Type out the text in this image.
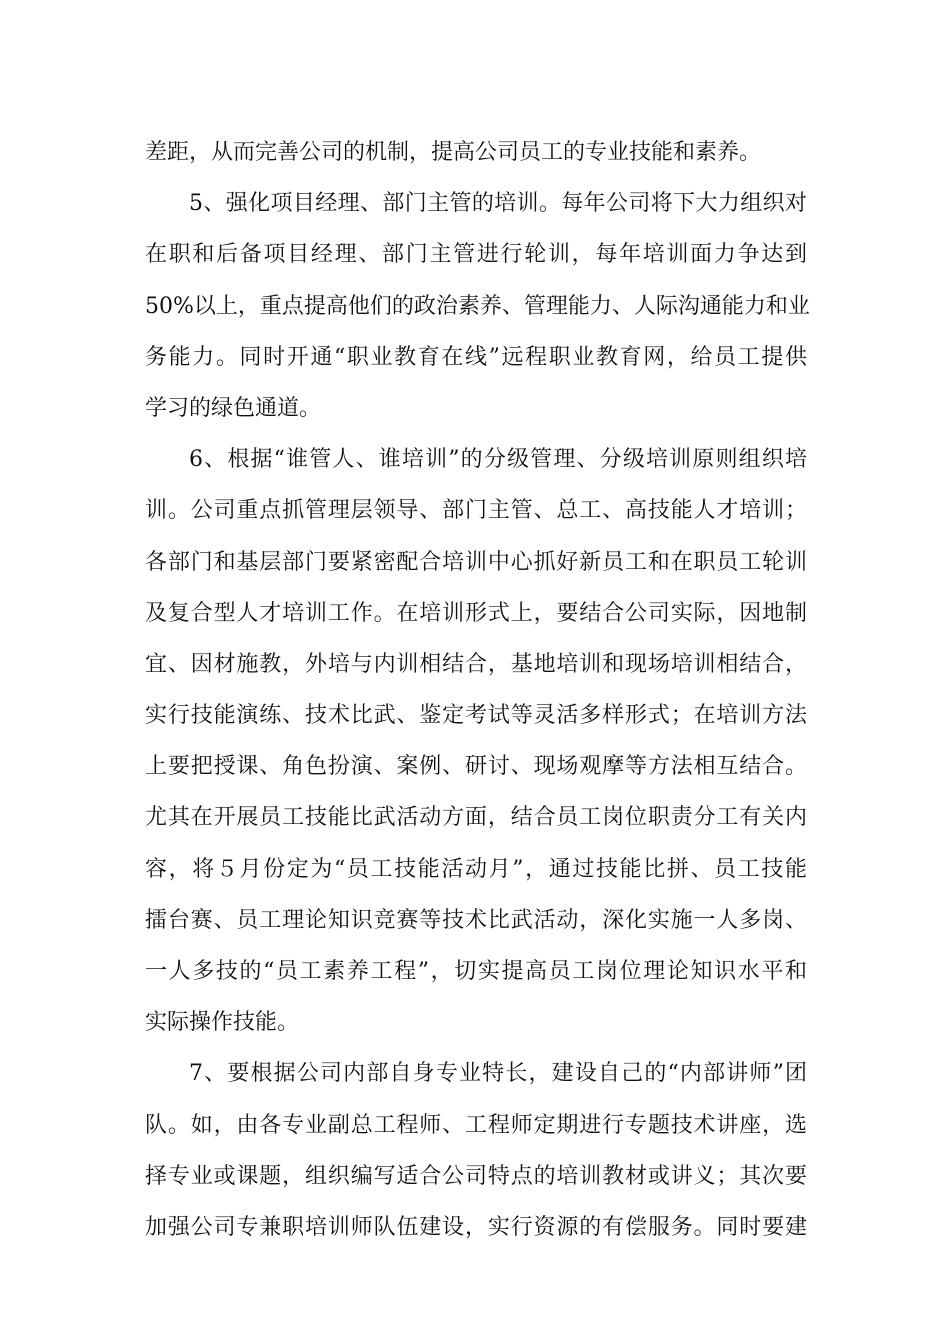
差距，从而完善公司的机制，提高公司员工的专业技能和素养。
5、强化项目经理、部门主管的培训。每年公司将下大力组织对
在职和后备项目经理、部门主管进行轮训，每年培训面力争达到
50%以上，重点提高他们的政治素养、管理能力、人际沟通能力和业
务能力。同时开通“职业教育在线”远程职业教育网，给员工提供
学习的绿色通道。
6、根据“谁管人、谁培训”的分级管理、分级培训原则组织培
训。公司重点抓管理层领导、部门主管、总工、高技能人才培训；
各部门和基层部门要紧密配合培训中心抓好新员工和在职员工轮训
及复合型人才培训工作。在培训形式上，要结合公司实际，因地制
宜、因材施教，外培与内训相结合，基地培训和现场培训相结合，
实行技能演练、技术比武、鉴定考试等灵活多样形式；在培训方法
上要把授课、角色扮演、案例、研讨、现场观摩等方法相互结合。
尤其在开展员工技能比武活动方面，结合员工岗位职责分工有关内
容，将５月份定为“员工技能活动月”，通过技能比拼、员工技能
擂台赛、员工理论知识竞赛等技术比武活动，深化实施一人多岗、
一人多技的“员工素养工程”，切实提高员工岗位理论知识水平和
实际操作技能。
7、要根据公司内部自身专业特长，建设自己的“内部讲师”团
队。如，由各专业副总工程师、工程师定期进行专题技术讲座，选
择专业或课题，组织编写适合公司特点的培训教材或讲义；其次要
加强公司专兼职培训师队伍建设，实行资源的有偿服务。同时要建
